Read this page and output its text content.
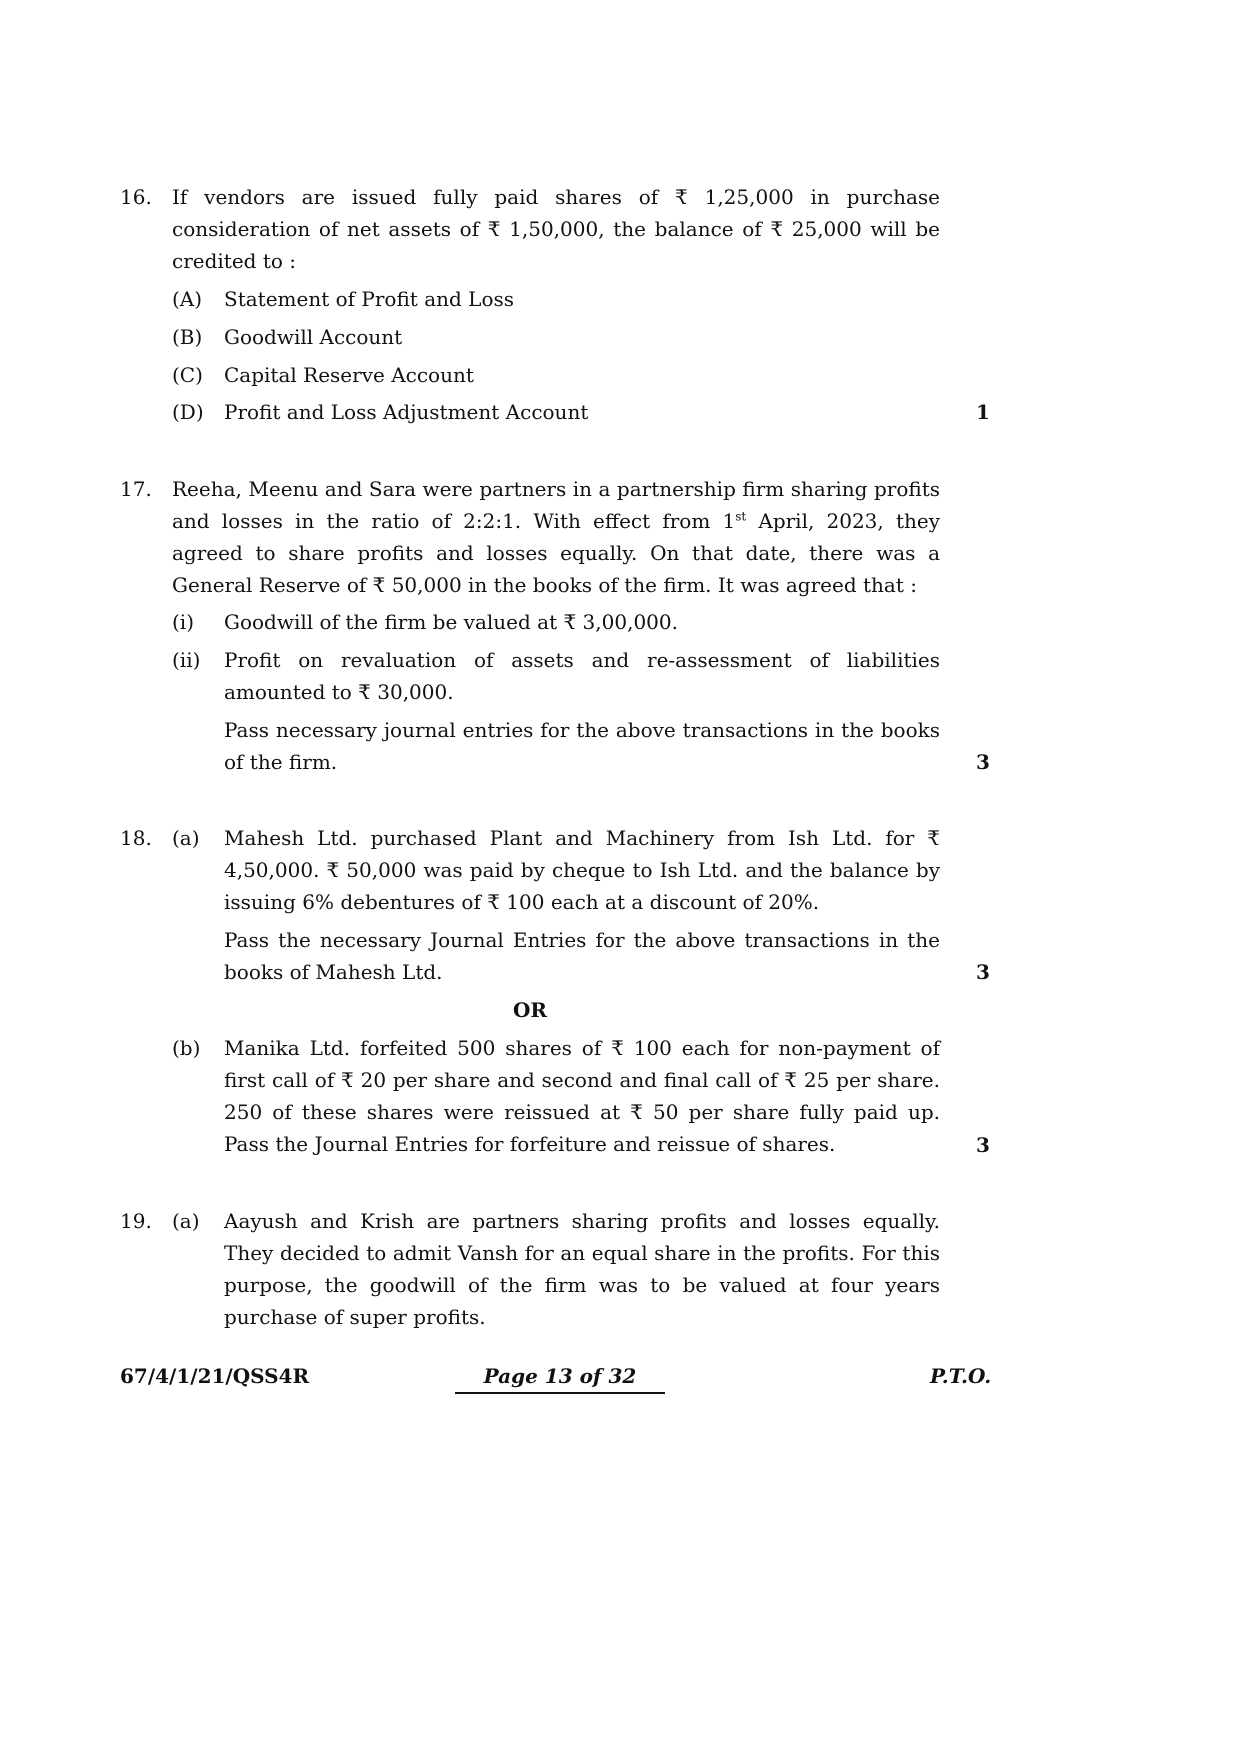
16. If vendors are issued fully paid shares of ₹ 1,25,000 in purchase consideration of net assets of ₹ 1,50,000, the balance of ₹ 25,000 will be credited to :
(A) Statement of Profit and Loss
(B) Goodwill Account
(C) Capital Reserve Account
(D) Profit and Loss Adjustment Account	1
17. Reeha, Meenu and Sara were partners in a partnership firm sharing profits and losses in the ratio of 2:2:1. With effect from 1st April, 2023, they agreed to share profits and losses equally. On that date, there was a General Reserve of ₹ 50,000 in the books of the firm. It was agreed that :
(i) Goodwill of the firm be valued at ₹ 3,00,000.
(ii) Profit on revaluation of assets and re-assessment of liabilities amounted to ₹ 30,000.
Pass necessary journal entries for the above transactions in the books of the firm.	3
18. (a) Mahesh Ltd. purchased Plant and Machinery from Ish Ltd. for ₹ 4,50,000. ₹ 50,000 was paid by cheque to Ish Ltd. and the balance by issuing 6% debentures of ₹ 100 each at a discount of 20%.
Pass the necessary Journal Entries for the above transactions in the books of Mahesh Ltd.	3
OR
(b) Manika Ltd. forfeited 500 shares of ₹ 100 each for non-payment of first call of ₹ 20 per share and second and final call of ₹ 25 per share. 250 of these shares were reissued at ₹ 50 per share fully paid up. Pass the Journal Entries for forfeiture and reissue of shares.	3
19. (a) Aayush and Krish are partners sharing profits and losses equally. They decided to admit Vansh for an equal share in the profits. For this purpose, the goodwill of the firm was to be valued at four years purchase of super profits.
67/4/1/21/QSS4R	Page 13 of 32	P.T.O.
